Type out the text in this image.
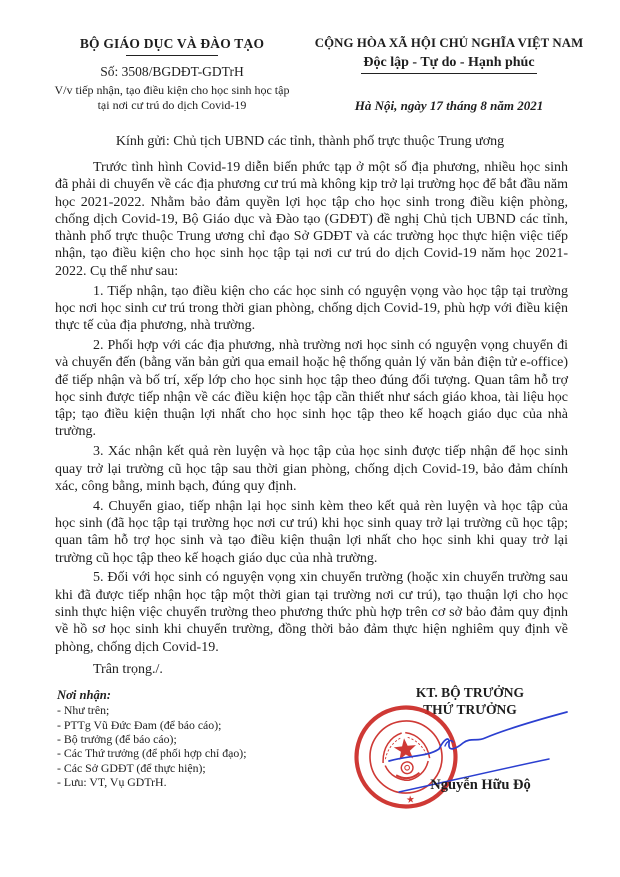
BỘ GIÁO DỤC VÀ ĐÀO TẠO
Số: 3508/BGDĐT-GDTrH
V/v tiếp nhận, tạo điều kiện cho học sinh học tập tại nơi cư trú do dịch Covid-19
CỘNG HÒA XÃ HỘI CHỦ NGHĨA VIỆT NAM
Độc lập - Tự do - Hạnh phúc
Hà Nội, ngày 17 tháng 8 năm 2021
Kính gửi: Chủ tịch UBND các tỉnh, thành phố trực thuộc Trung ương

Trước tình hình Covid-19 diễn biến phức tạp ở một số địa phương, nhiều học sinh đã phải di chuyển về các địa phương cư trú mà không kịp trở lại trường học để bắt đầu năm học 2021-2022. Nhằm bảo đảm quyền lợi học tập cho học sinh trong điều kiện phòng, chống dịch Covid-19, Bộ Giáo dục và Đào tạo (GDĐT) đề nghị Chủ tịch UBND các tỉnh, thành phố trực thuộc Trung ương chỉ đạo Sở GDĐT và các trường học thực hiện việc tiếp nhận, tạo điều kiện cho học sinh học tập tại nơi cư trú do dịch Covid-19 năm học 2021-2022. Cụ thể như sau:

1. Tiếp nhận, tạo điều kiện cho các học sinh có nguyện vọng vào học tập tại trường học nơi học sinh cư trú trong thời gian phòng, chống dịch Covid-19, phù hợp với điều kiện thực tế của địa phương, nhà trường.

2. Phối hợp với các địa phương, nhà trường nơi học sinh có nguyện vọng chuyển đi và chuyển đến (bằng văn bản gửi qua email hoặc hệ thống quản lý văn bản điện tử e-office) để tiếp nhận và bố trí, xếp lớp cho học sinh học tập theo đúng đối tượng. Quan tâm hỗ trợ học sinh được tiếp nhận về các điều kiện học tập cần thiết như sách giáo khoa, tài liệu học tập; tạo điều kiện thuận lợi nhất cho học sinh học tập theo kế hoạch giáo dục của nhà trường.

3. Xác nhận kết quả rèn luyện và học tập của học sinh được tiếp nhận để học sinh quay trở lại trường cũ học tập sau thời gian phòng, chống dịch Covid-19, bảo đảm chính xác, công bằng, minh bạch, đúng quy định.

4. Chuyển giao, tiếp nhận lại học sinh kèm theo kết quả rèn luyện và học tập của học sinh (đã học tập tại trường học nơi cư trú) khi học sinh quay trở lại trường cũ học tập; quan tâm hỗ trợ học sinh và tạo điều kiện thuận lợi nhất cho học sinh khi quay trở lại trường cũ học tập theo kế hoạch giáo dục của nhà trường.

5. Đối với học sinh có nguyện vọng xin chuyển trường (hoặc xin chuyển trường sau khi đã được tiếp nhận học tập một thời gian tại trường nơi cư trú), tạo thuận lợi cho học sinh thực hiện việc chuyển trường theo phương thức phù hợp trên cơ sở bảo đảm quy định về hồ sơ học sinh khi chuyển trường, đồng thời bảo đảm thực hiện nghiêm quy định về phòng, chống dịch Covid-19.

Trân trọng./.
Nơi nhận:
- Như trên;
- PTTg Vũ Đức Đam (để báo cáo);
- Bộ trưởng (để báo cáo);
- Các Thứ trưởng (để phối hợp chỉ đạo);
- Các Sở GDĐT (để thực hiện);
- Lưu: VT, Vụ GDTrH.
KT. BỘ TRƯỞNG
THỨ TRƯỞNG
★
Nguyễn Hữu Độ
